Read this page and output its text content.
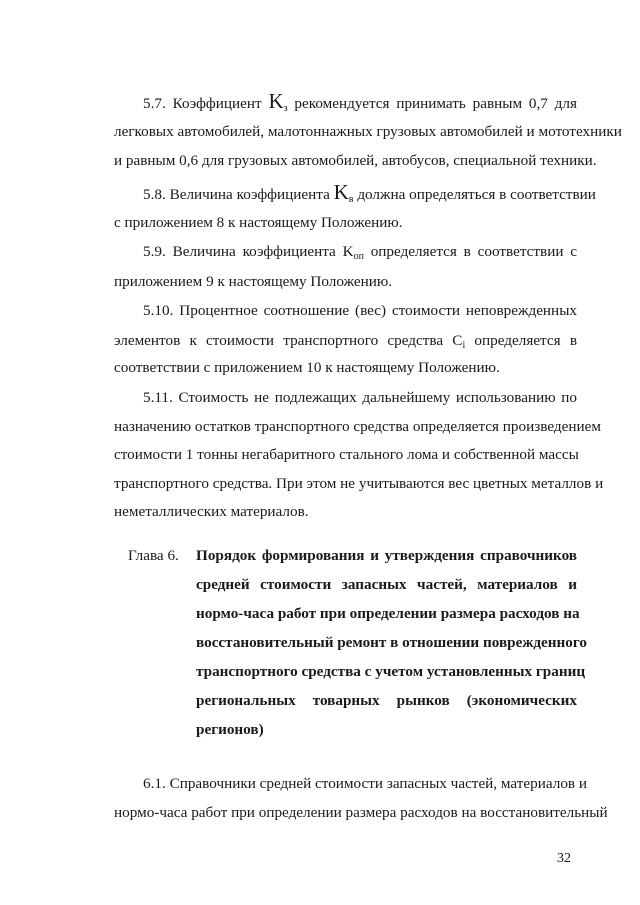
5.7. Коэффициент $K_з$ рекомендуется принимать равным 0,7 для
легковых автомобилей, малотоннажных грузовых автомобилей и мототехники
и равным 0,6 для грузовых автомобилей, автобусов, специальной техники.
5.8. Величина коэффициента $K_в$ должна определяться в соответствии
с приложением 8 к настоящему Положению.
5.9. Величина коэффициента $K_{оп}$ определяется в соответствии с
приложением 9 к настоящему Положению.
5.10. Процентное соотношение (вес) стоимости неповрежденных
элементов к стоимости транспортного средства $C_i$ определяется в
соответствии с приложением 10 к настоящему Положению.
5.11. Стоимость не подлежащих дальнейшему использованию по
назначению остатков транспортного средства определяется произведением
стоимости 1 тонны негабаритного стального лома и собственной массы
транспортного средства. При этом не учитываются вес цветных металлов и
неметаллических материалов.
Глава 6. Порядок формирования и утверждения справочников
средней стоимости запасных частей, материалов и
нормо-часа работ при определении размера расходов на
восстановительный ремонт в отношении поврежденного
транспортного средства с учетом установленных границ
региональных товарных рынков (экономических
регионов)
6.1. Справочники средней стоимости запасных частей, материалов и
нормо-часа работ при определении размера расходов на восстановительный
32
